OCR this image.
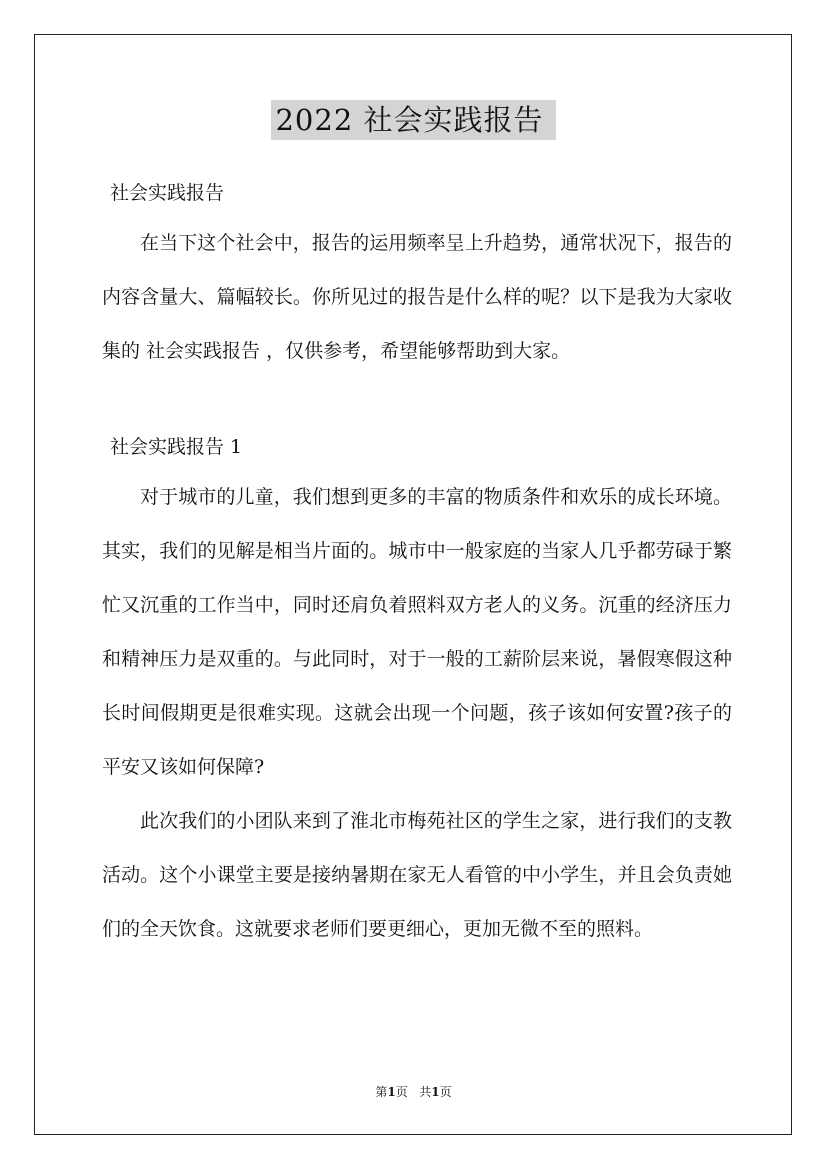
2022 社会实践报告

社会实践报告

在当下这个社会中，报告的运用频率呈上升趋势，通常状况下，报告的内容含量大、篇幅较长。你所见过的报告是什么样的呢？以下是我为大家收集的 社会实践报告 ，仅供参考，希望能够帮助到大家。

社会实践报告 1

对于城市的儿童，我们想到更多的丰富的物质条件和欢乐的成长环境。其实，我们的见解是相当片面的。城市中一般家庭的当家人几乎都劳碌于繁忙又沉重的工作当中，同时还肩负着照料双方老人的义务。沉重的经济压力和精神压力是双重的。与此同时，对于一般的工薪阶层来说，暑假寒假这种长时间假期更是很难实现。这就会出现一个问题，孩子该如何安置?孩子的平安又该如何保障?

此次我们的小团队来到了淮北市梅苑社区的学生之家，进行我们的支教活动。这个小课堂主要是接纳暑期在家无人看管的中小学生，并且会负责她们的全天饮食。这就要求老师们要更细心，更加无微不至的照料。

第1页 共1页
